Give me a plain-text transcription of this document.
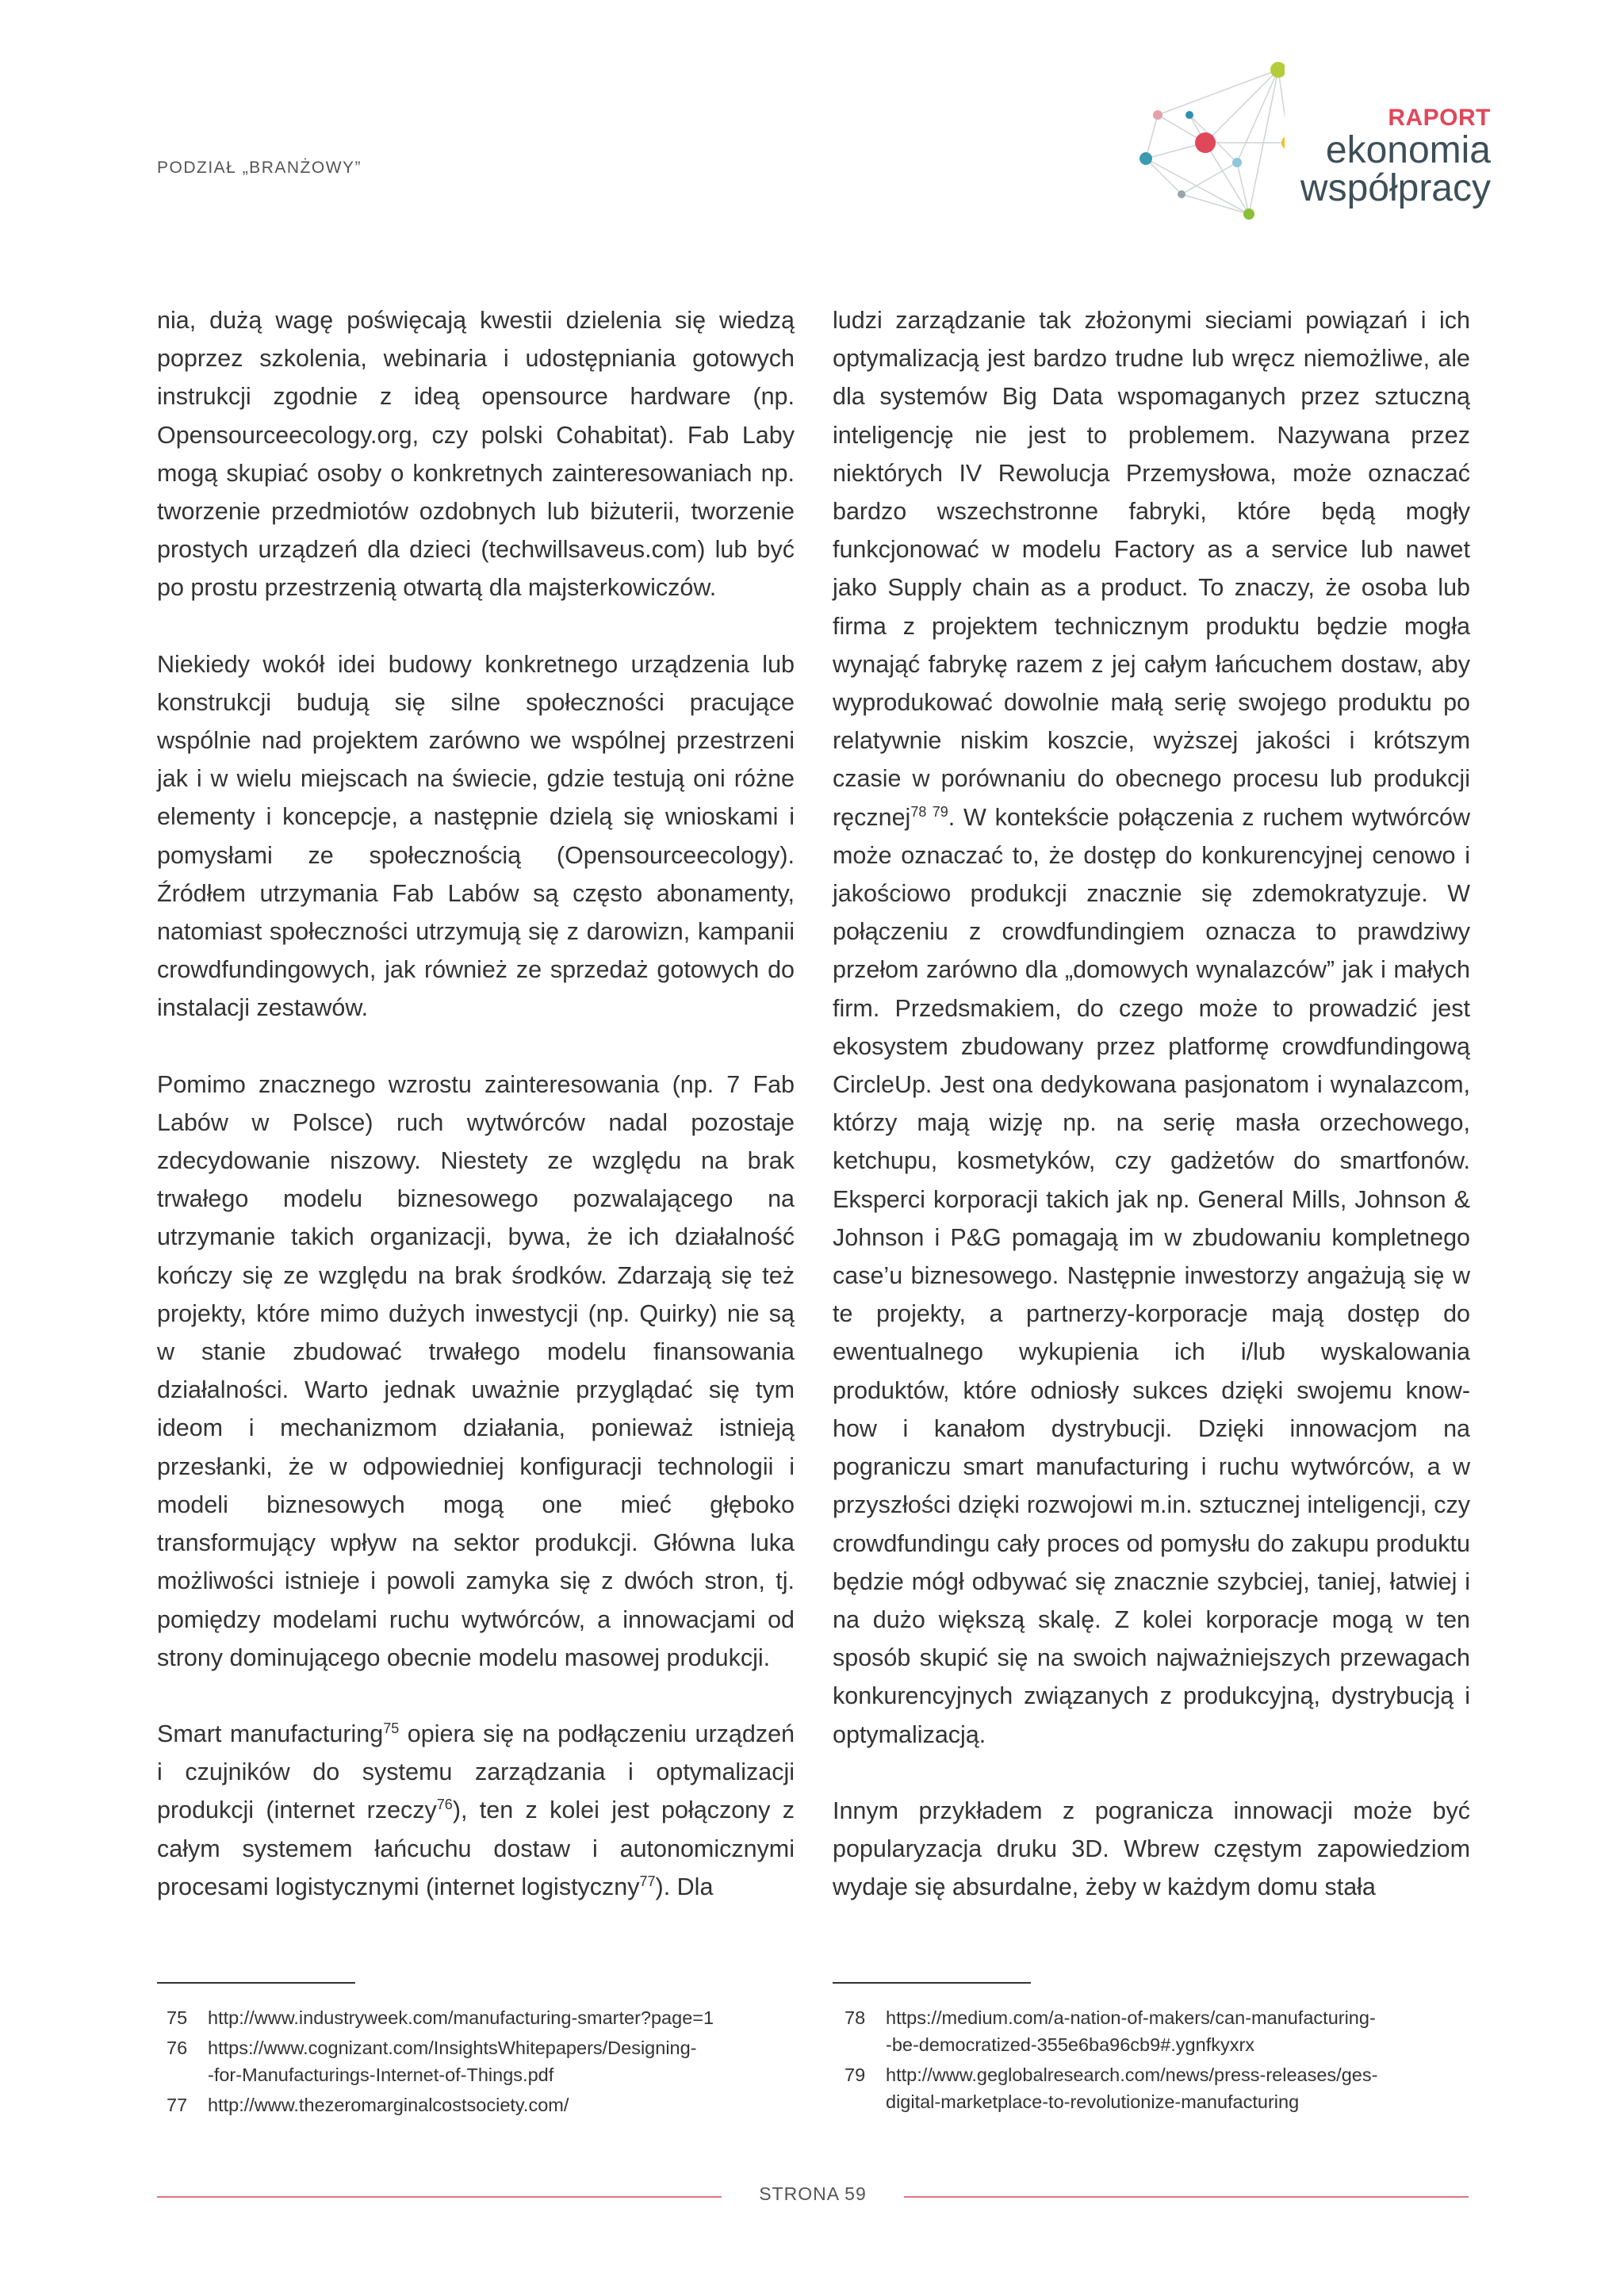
PODZIAŁ „BRANŻOWY”
RAPORT
ekonomia
współpracy

nia, dużą wagę poświęcają kwestii dzielenia się wiedzą poprzez szkolenia, webinaria i udostępniania gotowych instrukcji zgodnie z ideą opensource hardware (np. Opensourceecology.org, czy polski Cohabitat). Fab Laby mogą skupiać osoby o konkretnych zainteresowaniach np. tworzenie przedmiotów ozdobnych lub biżuterii, tworzenie prostych urządzeń dla dzieci (techwillsaveus.com) lub być po prostu przestrzenią otwartą dla majsterkowiczów.

Niekiedy wokół idei budowy konkretnego urządzenia lub konstrukcji budują się silne społeczności pracujące wspólnie nad projektem zarówno we wspólnej przestrzeni jak i w wielu miejscach na świecie, gdzie testują oni różne elementy i koncepcje, a następnie dzielą się wnioskami i pomysłami ze społecznością (Opensourceecology). Źródłem utrzymania Fab Labów są często abonamenty, natomiast społeczności utrzymują się z darowizn, kampanii crowdfundingowych, jak również ze sprzedaż gotowych do instalacji zestawów.

Pomimo znacznego wzrostu zainteresowania (np. 7 Fab Labów w Polsce) ruch wytwórców nadal pozostaje zdecydowanie niszowy. Niestety ze względu na brak trwałego modelu biznesowego pozwalającego na utrzymanie takich organizacji, bywa, że ich działalność kończy się ze względu na brak środków. Zdarzają się też projekty, które mimo dużych inwestycji (np. Quirky) nie są w stanie zbudować trwałego modelu finansowania działalności. Warto jednak uważnie przyglądać się tym ideom i mechanizmom działania, ponieważ istnieją przesłanki, że w odpowiedniej konfiguracji technologii i modeli biznesowych mogą one mieć głęboko transformujący wpływ na sektor produkcji. Główna luka możliwości istnieje i powoli zamyka się z dwóch stron, tj. pomiędzy modelami ruchu wytwórców, a innowacjami od strony dominującego obecnie modelu masowej produkcji.

Smart manufacturing$^{75}$ opiera się na podłączeniu urządzeń i czujników do systemu zarządzania i optymalizacji produkcji (internet rzeczy$^{76}$), ten z kolei jest połączony z całym systemem łańcuchu dostaw i autonomicznymi procesami logistycznymi (internet logistyczny$^{77}$). Dla

ludzi zarządzanie tak złożonymi sieciami powiązań i ich optymalizacją jest bardzo trudne lub wręcz niemożliwe, ale dla systemów Big Data wspomaganych przez sztuczną inteligencję nie jest to problemem. Nazywana przez niektórych IV Rewolucja Przemysłowa, może oznaczać bardzo wszechstronne fabryki, które będą mogły funkcjonować w modelu Factory as a service lub nawet jako Supply chain as a product. To znaczy, że osoba lub firma z projektem technicznym produktu będzie mogła wynająć fabrykę razem z jej całym łańcuchem dostaw, aby wyprodukować dowolnie małą serię swojego produktu po relatywnie niskim koszcie, wyższej jakości i krótszym czasie w porównaniu do obecnego procesu lub produkcji ręcznej$^{78 79}$. W kontekście połączenia z ruchem wytwórców może oznaczać to, że dostęp do konkurencyjnej cenowo i jakościowo produkcji znacznie się zdemokratyzuje. W połączeniu z crowdfundingiem oznacza to prawdziwy przełom zarówno dla „domowych wynalazców” jak i małych firm. Przedsmakiem, do czego może to prowadzić jest ekosystem zbudowany przez platformę crowdfundingową CircleUp. Jest ona dedykowana pasjonatom i wynalazcom, którzy mają wizję np. na serię masła orzechowego, ketchupu, kosmetyków, czy gadżetów do smartfonów. Eksperci korporacji takich jak np. General Mills, Johnson & Johnson i P&G pomagają im w zbudowaniu kompletnego case’u biznesowego. Następnie inwestorzy angażują się w te projekty, a partnerzy-korporacje mają dostęp do ewentualnego wykupienia ich i/lub wyskalowania produktów, które odniosły sukces dzięki swojemu know-how i kanałom dystrybucji. Dzięki innowacjom na pograniczu smart manufacturing i ruchu wytwórców, a w przyszłości dzięki rozwojowi m.in. sztucznej inteligencji, czy crowdfundingu cały proces od pomysłu do zakupu produktu będzie mógł odbywać się znacznie szybciej, taniej, łatwiej i na dużo większą skalę. Z kolei korporacje mogą w ten sposób skupić się na swoich najważniejszych przewagach konkurencyjnych związanych z produkcyjną, dystrybucją i optymalizacją.

Innym przykładem z pogranicza innowacji może być popularyzacja druku 3D. Wbrew częstym zapowiedziom wydaje się absurdalne, żeby w każdym domu stała

75 http://www.industryweek.com/manufacturing-smarter?page=1
76 https://www.cognizant.com/InsightsWhitepapers/Designing-
-for-Manufacturings-Internet-of-Things.pdf
77 http://www.thezeromarginalcostsociety.com/
78 https://medium.com/a-nation-of-makers/can-manufacturing-
-be-democratized-355e6ba96cb9#.ygnfkyxrx
79 http://www.geglobalresearch.com/news/press-releases/ges-
digital-marketplace-to-revolutionize-manufacturing
STRONA 59
